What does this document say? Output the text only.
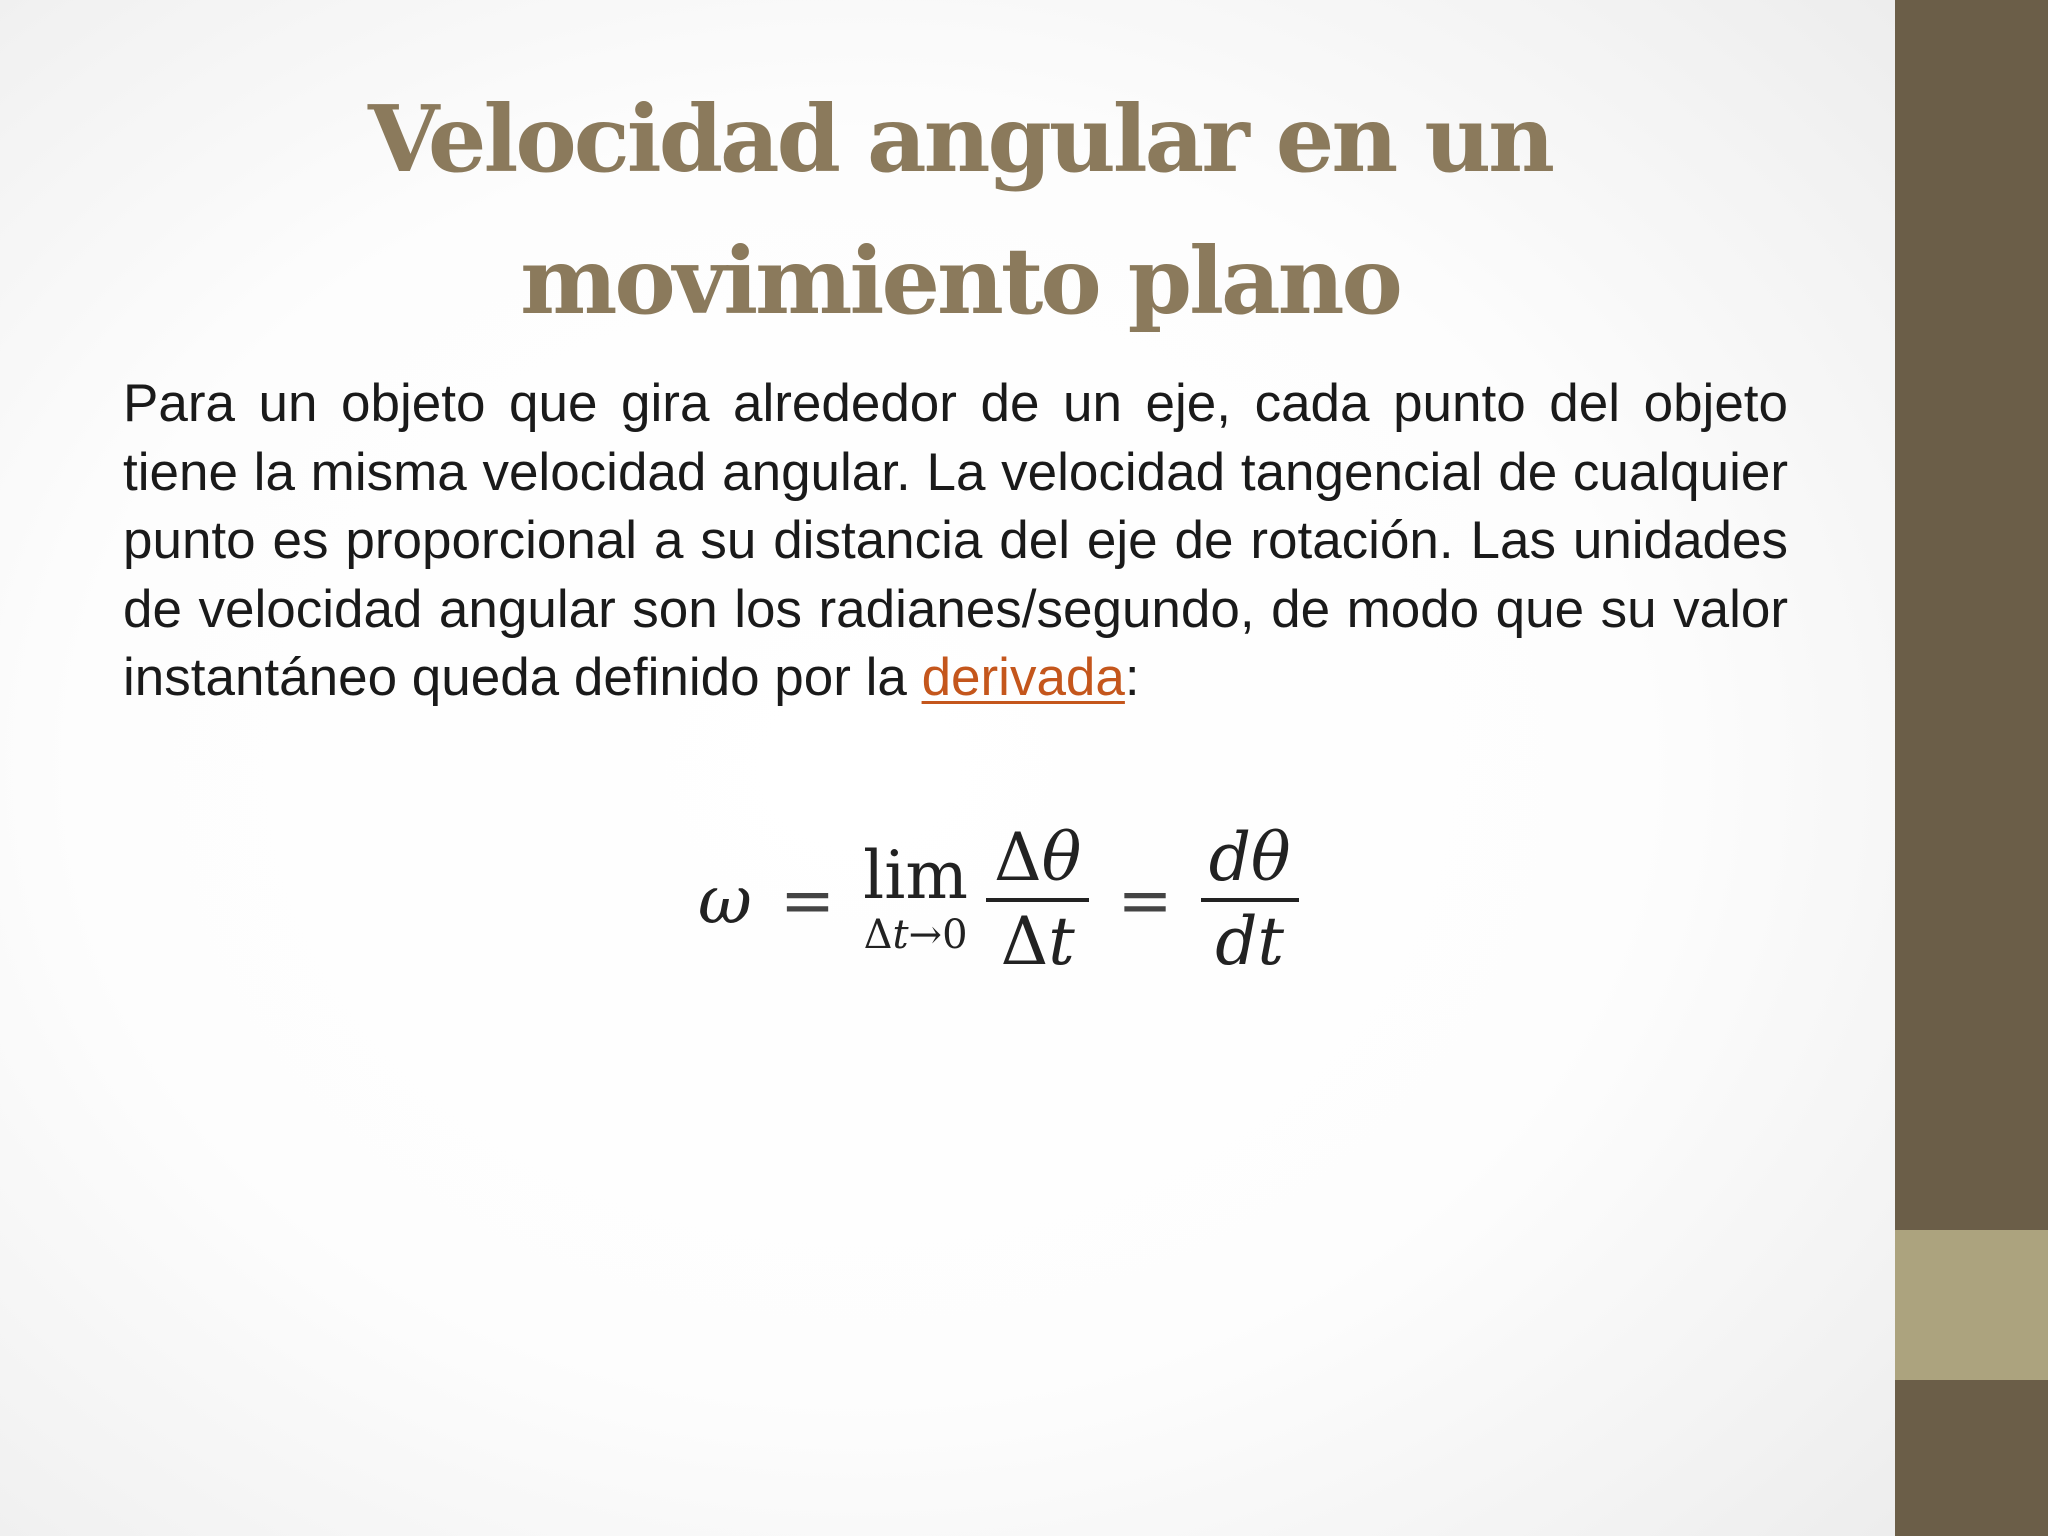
Velocidad angular en un
movimiento plano

Para un objeto que gira alrededor de un eje, cada punto del objeto tiene la misma velocidad angular. La velocidad tangencial de cualquier punto es proporcional a su distancia del eje de rotación. Las unidades de velocidad angular son los radianes/segundo, de modo que su valor instantáneo queda definido por la derivada:

ω = lim
$\Delta t\to 0 \frac{\Delta\theta}{\Delta t} = \frac{d\theta}{dt}$
